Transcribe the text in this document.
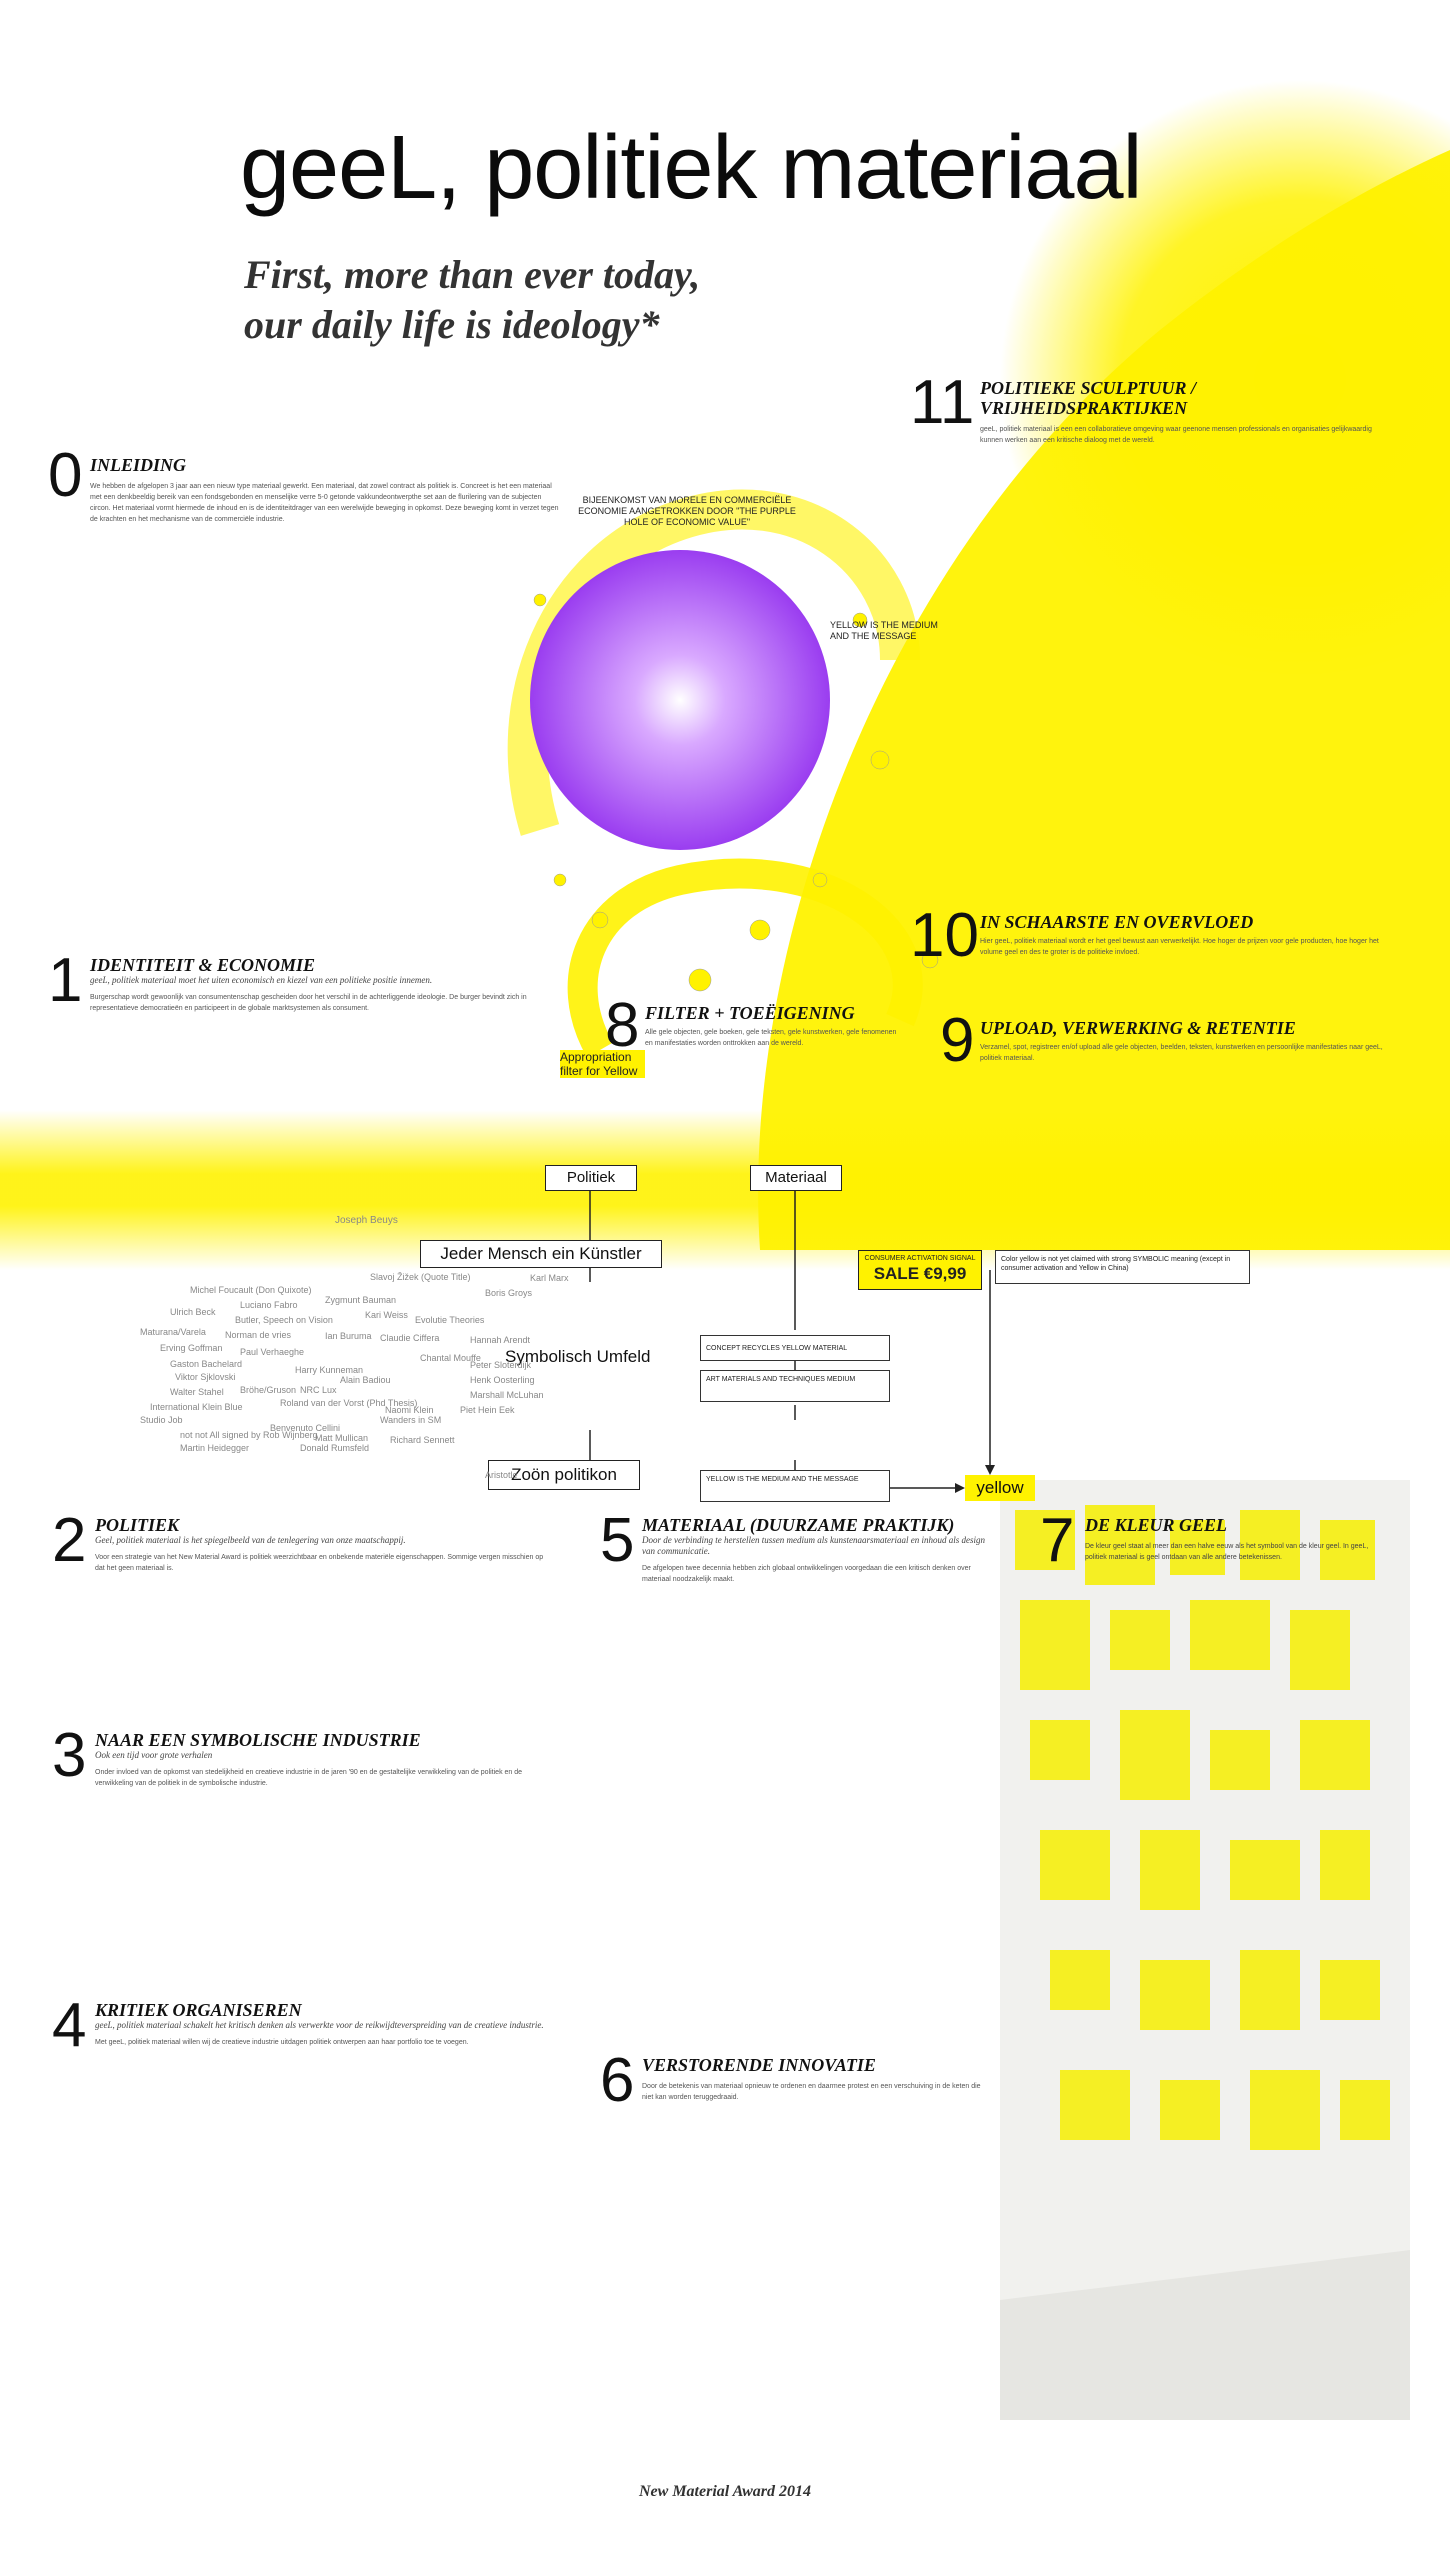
geeL, politiek materiaal
First, more than ever today,
our daily life is ideology*
BIJEENKOMST VAN MORELE EN COMMERCIËLE ECONOMIE AANGETROKKEN DOOR "THE PURPLE HOLE OF ECONOMIC VALUE"
YELLOW IS THE MEDIUM AND THE MESSAGE
Appropriation filter for Yellow
0 INLEIDING

We hebben de afgelopen 3 jaar aan een nieuw type materiaal gewerkt. Een materiaal, dat zowel contract als politiek is. Concreet is het een materiaal met een denkbeeldig bereik van een fondsgebonden en menselijke verre 5-0 getonde vakkundeontwerpthe set aan de flurilering van de subjecten circon. Het materiaal vormt hiermede de inhoud en is de identiteitdrager van een werelwijde beweging in opkomst. Deze beweging komt in verzet tegen de krachten en het mechanisme van de commerciële industrie.

1 IDENTITEIT & ECONOMIE
geeL, politiek materiaal moet het uiten economisch en kiezel van een politieke positie innemen.
Burgerschap wordt gewoonlijk van consumentenschap gescheiden door het verschil in de achterliggende ideologie. De burger bevindt zich in representatieve democratieën en participeert in de globale marktsystemen als consument.
11 POLITIEKE SCULPTUUR / VRIJHEIDSPRAKTIJKEN
geeL, politiek materiaal is een een collaboratieve omgeving waar geenone mensen professionals en organisaties gelijkwaardig kunnen werken aan een kritische dialoog met de wereld.
10 IN SCHAARSTE EN OVERVLOED
Hier geeL, politiek materiaal wordt er het geel bewust aan verwerkelijkt. Hoe hoger de prijzen voor gele producten, hoe hoger het volume geel en des te groter is de politieke invloed.
9 UPLOAD, VERWERKING & RETENTIE
Verzamel, spot, registreer en/of upload alle gele objecten, beelden, teksten, kunstwerken en persoonlijke manifestaties naar geeL, politiek materiaal.
8 FILTER + TOEËIGENING
Alle gele objecten, gele boeken, gele teksten, gele kunstwerken, gele fenomenen en manifestaties worden onttrokken aan de wereld.
Politiek	Materiaal
Jeder Mensch ein Künstler
Symbolisch Umfeld
Zoön politikon
CONSUMER ACTIVATION SIGNAL
SALE €9,99
Color yellow is not yet claimed with strong SYMBOLIC meaning (except in consumer activation and Yellow in China)
CONCEPT RECYCLES YELLOW MATERIAL
ART MATERIALS AND TECHNIQUES MEDIUM
YELLOW IS THE MEDIUM AND THE MESSAGE	yellow
Joseph Beuys
Slavoj Žižek (Quote Title)	Karl Marx
Michel Foucault (Don Quixote)
Luciano Fabro	Zygmunt Bauman
Boris Groys
Ulrich Beck
Butler, Speech on Vision	Kari Weiss Evolutie Theories
Maturana/Varela Norman de vries	Ian Buruma Claudie Ciffera	Hannah Arendt
Erving Goffman Paul Verhaeghe
Chantal Mouffe
Gaston Bachelard
Harry Kunneman	Peter Sloterdijk
Viktor Sjklovski	Alain Badiou	Henk Oosterling
Walter Stahel Bröhe/Gruson NRC Lux	Marshall McLuhan
International Klein Blue	Roland van der Vorst (Phd Thesis)
Naomi Klein
Wanders in SM
Piet Hein Eek
Studio Job
not not All signed by Rob Wijnberg
Benvenuto Cellini
Matt Mullican Richard Sennett
Martin Heidegger	Donald Rumsfeld
Aristotle
2 POLITIEK
Geel, politiek materiaal is het spiegelbeeld van de tenlegering van onze maatschappij.
Voor een strategie van het New Material Award is politiek weerzichtbaar en onbekende materiële eigenschappen. Sommige vergen misschien op dat het geen materiaal is.
3 NAAR EEN SYMBOLISCHE INDUSTRIE
Ook een tijd voor grote verhalen
Onder invloed van de opkomst van stedelijkheid en creatieve industrie in de jaren '90 en de gestaltelijke verwikkeling van de politiek en de verwikkeling van de politiek in de symbolische industrie.
4 KRITIEK ORGANISEREN
geeL, politiek materiaal schakelt het kritisch denken als verwerkte voor de reikwijdteverspreiding van de creatieve industrie.
Met geeL, politiek materiaal willen wij de creatieve industrie uitdagen politiek ontwerpen aan haar portfolio toe te voegen.
5 MATERIAAL (DUURZAME PRAKTIJK)
Door de verbinding te herstellen tussen medium als kunstenaarsmateriaal en inhoud als design van communicatie.
De afgelopen twee decennia hebben zich globaal ontwikkelingen voorgedaan die een kritisch denken over materiaal noodzakelijk maakt.
6 VERSTORENDE INNOVATIE
Door de betekenis van materiaal opnieuw te ordenen en daarmee protest en een verschuiving in de keten die niet kan worden teruggedraaid.
7 DE KLEUR GEEL
De kleur geel staat al meer dan een halve eeuw als het symbool van de kleur geel. In geeL, politiek materiaal is geel ontdaan van alle andere betekenissen.
New Material Award 2014
